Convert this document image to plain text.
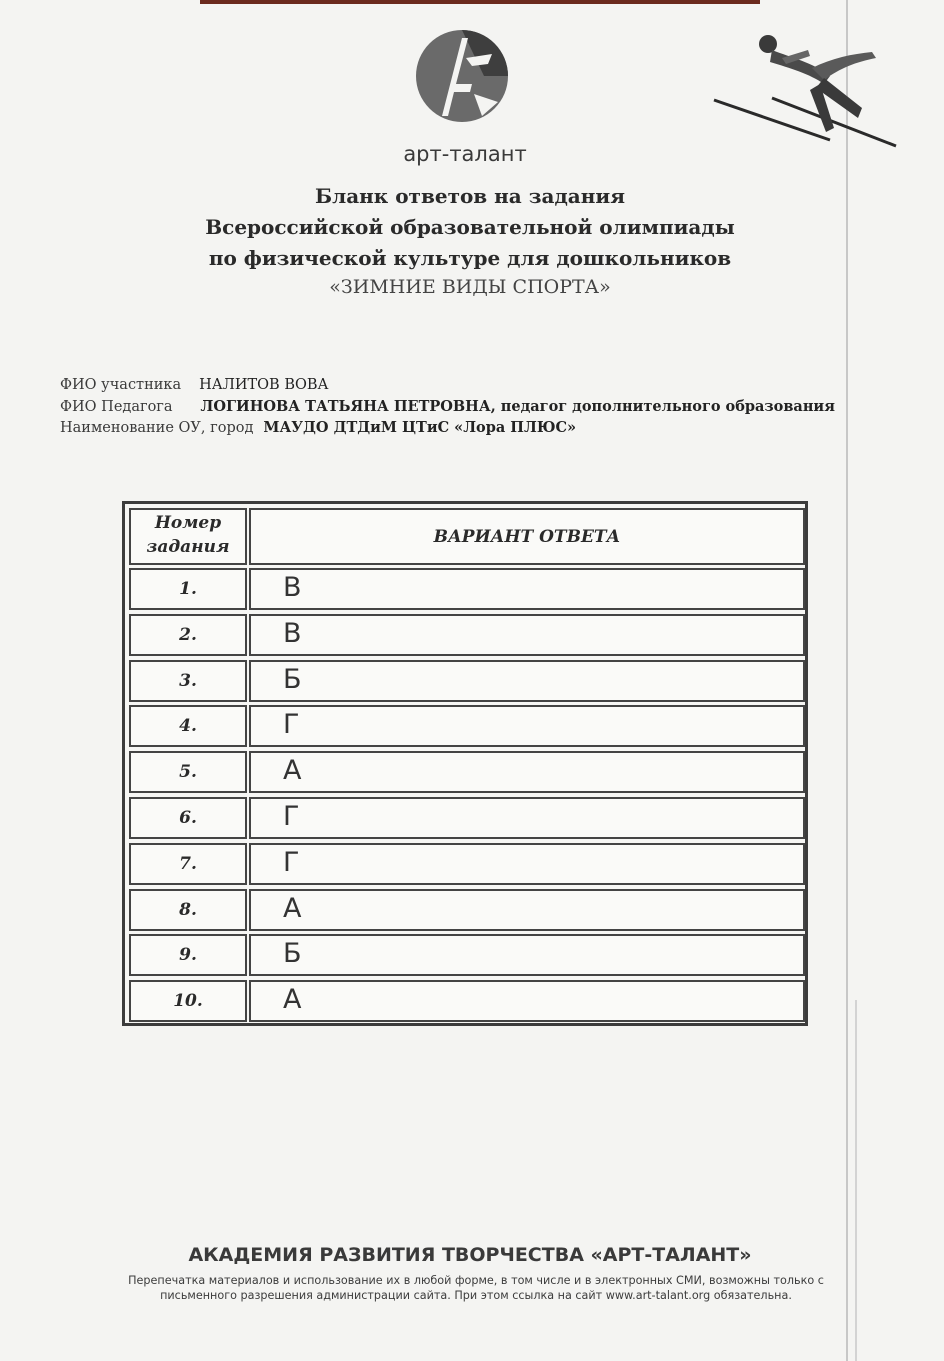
арт-талант
Бланк ответов на задания
Всероссийской образовательной олимпиады
по физической культуре для дошкольников
«ЗИМНИЕ ВИДЫ СПОРТА»
ФИО участника НАЛИТОВ ВОВА
ФИО Педагога ЛОГИНОВА ТАТЬЯНА ПЕТРОВНА, педагог дополнительного образования
Наименование ОУ, город МАУДО ДТДиМ ЦТиС «Лора ПЛЮС»
Номер
задания	ВАРИАНТ ОТВЕТА
1.	В
2.	В
3.	Б
4.	Г
5.	А
6.	Г
7.	Г
8.	А
9.	Б
10.	А
АКАДЕМИЯ РАЗВИТИЯ ТВОРЧЕСТВА «АРТ-ТАЛАНТ»
Перепечатка материалов и использование их в любой форме, в том числе и в электронных СМИ, возможны только с
письменного разрешения администрации сайта. При этом ссылка на сайт www.art-talant.org обязательна.
